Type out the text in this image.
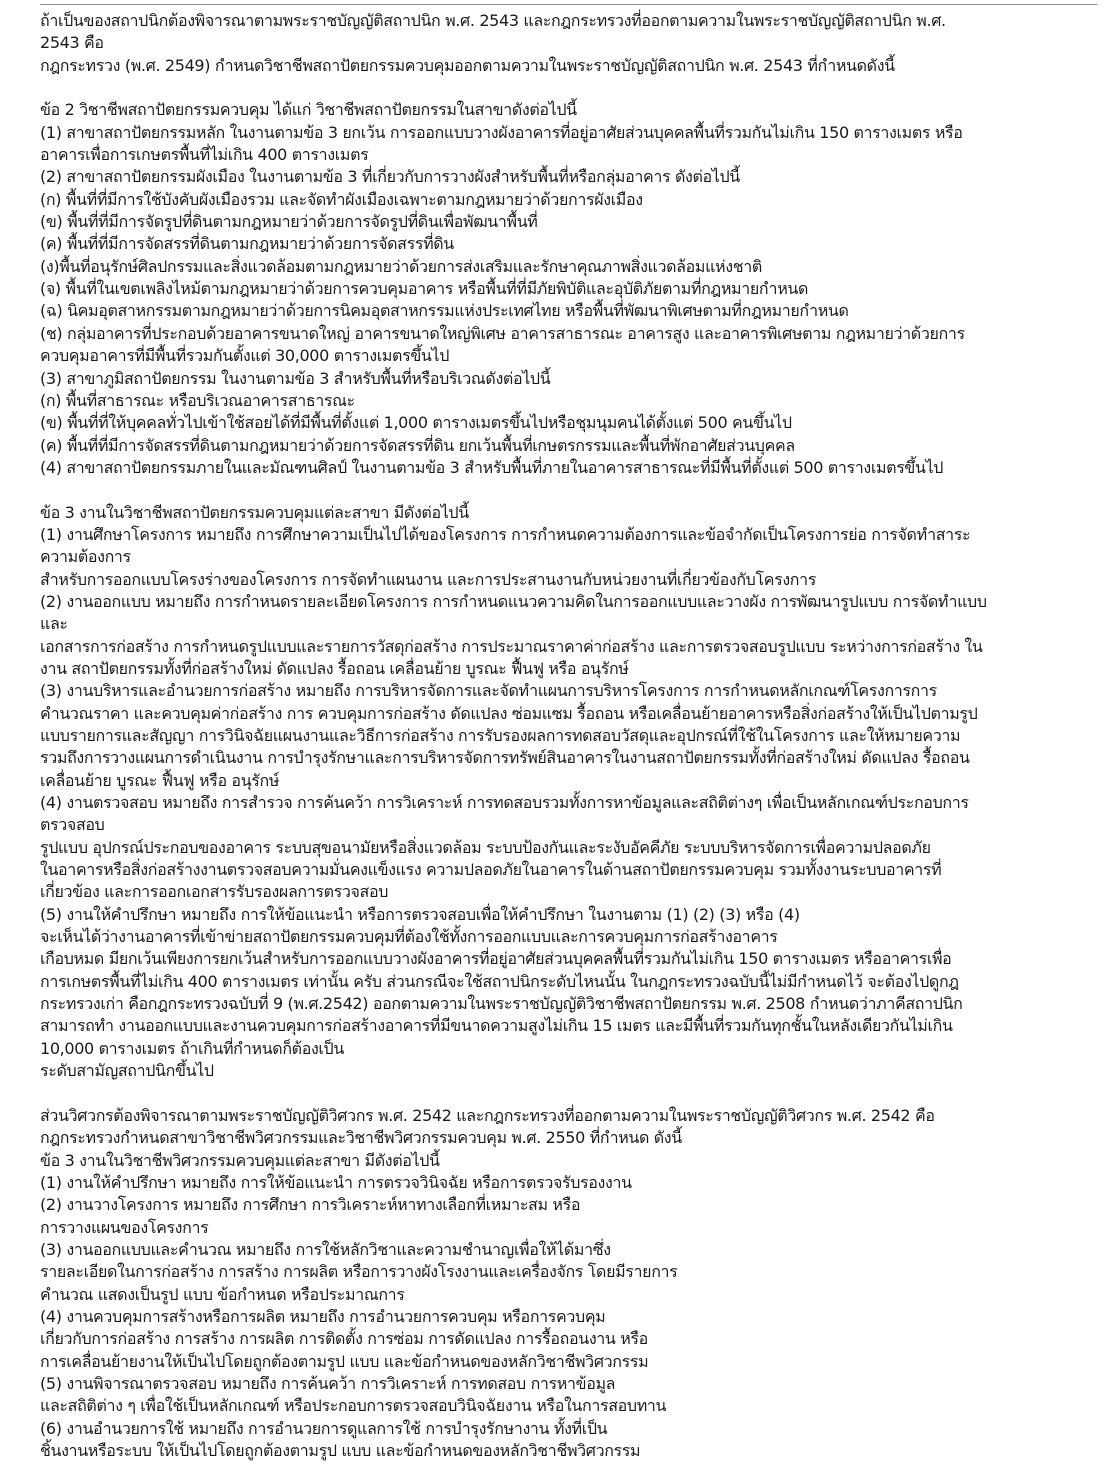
ถ้าเป็นของสถาปนิกต้องพิจารณาตามพระราชบัญญัติสถาปนิก พ.ศ. 2543 และกฎกระทรวงที่ออกตามความในพระราชบัญญัติสถาปนิก พ.ศ.
2543 คือ
กฎกระทรวง (พ.ศ. 2549) กำหนดวิชาชีพสถาปัตยกรรมควบคุมออกตามความในพระราชบัญญัติสถาปนิก พ.ศ. 2543 ที่กำหนดดังนี้
ข้อ 2 วิชาชีพสถาปัตยกรรมควบคุม ได้แก่ วิชาชีพสถาปัตยกรรมในสาขาดังต่อไปนี้
(1) สาขาสถาปัตยกรรมหลัก ในงานตามข้อ 3 ยกเว้น การออกแบบวางผังอาคารที่อยู่อาศัยส่วนบุคคลพื้นที่รวมกันไม่เกิน 150 ตารางเมตร หรือ
อาคารเพื่อการเกษตรพื้นที่ไม่เกิน 400 ตารางเมตร
(2) สาขาสถาปัตยกรรมผังเมือง ในงานตามข้อ 3 ที่เกี่ยวกับการวางผังสำหรับพื้นที่หรือกลุ่มอาคาร ดังต่อไปนี้
(ก) พื้นที่ที่มีการใช้บังคับผังเมืองรวม และจัดทำผังเมืองเฉพาะตามกฎหมายว่าด้วยการผังเมือง
(ข) พื้นที่ที่มีการจัดรูปที่ดินตามกฎหมายว่าด้วยการจัดรูปที่ดินเพื่อพัฒนาพื้นที่
(ค) พื้นที่ที่มีการจัดสรรที่ดินตามกฎหมายว่าด้วยการจัดสรรที่ดิน
(ง)พื้นที่อนุรักษ์ศิลปกรรมและสิ่งแวดล้อมตามกฎหมายว่าด้วยการส่งเสริมและรักษาคุณภาพสิ่งแวดล้อมแห่งชาติ
(จ) พื้นที่ในเขตเพลิงไหม้ตามกฎหมายว่าด้วยการควบคุมอาคาร หรือพื้นที่ที่มีภัยพิบัติและอุบัติภัยตามที่กฎหมายกำหนด
(ฉ) นิคมอุตสาหกรรมตามกฎหมายว่าด้วยการนิคมอุตสาหกรรมแห่งประเทศไทย หรือพื้นที่พัฒนาพิเศษตามที่กฎหมายกำหนด
(ช) กลุ่มอาคารที่ประกอบด้วยอาคารขนาดใหญ่ อาคารขนาดใหญ่พิเศษ อาคารสาธารณะ อาคารสูง และอาคารพิเศษตาม กฎหมายว่าด้วยการ
ควบคุมอาคารที่มีพื้นที่รวมกันตั้งแต่ 30,000 ตารางเมตรขึ้นไป
(3) สาขาภูมิสถาปัตยกรรม ในงานตามข้อ 3 สำหรับพื้นที่หรือบริเวณดังต่อไปนี้
(ก) พื้นที่สาธารณะ หรือบริเวณอาคารสาธารณะ
(ข) พื้นที่ที่ให้บุคคลทั่วไปเข้าใช้สอยได้ที่มีพื้นที่ตั้งแต่ 1,000 ตารางเมตรขึ้นไปหรือชุมนุมคนได้ตั้งแต่ 500 คนขึ้นไป
(ค) พื้นที่ที่มีการจัดสรรที่ดินตามกฎหมายว่าด้วยการจัดสรรที่ดิน ยกเว้นพื้นที่เกษตรกรรมและพื้นที่พักอาศัยส่วนบุคคล
(4) สาขาสถาปัตยกรรมภายในและมัณฑนศิลป์ ในงานตามข้อ 3 สำหรับพื้นที่ภายในอาคารสาธารณะที่มีพื้นที่ตั้งแต่ 500 ตารางเมตรขึ้นไป
ข้อ 3 งานในวิชาชีพสถาปัตยกรรมควบคุมแต่ละสาขา มีดังต่อไปนี้
(1) งานศึกษาโครงการ หมายถึง การศึกษาความเป็นไปได้ของโครงการ การกำหนดความต้องการและข้อจำกัดเป็นโครงการย่อ การจัดทำสาระ
ความต้องการ
สำหรับการออกแบบโครงร่างของโครงการ การจัดทำแผนงาน และการประสานงานกับหน่วยงานที่เกี่ยวข้องกับโครงการ
(2) งานออกแบบ หมายถึง การกำหนดรายละเอียดโครงการ การกำหนดแนวความคิดในการออกแบบและวางผัง การพัฒนารูปแบบ การจัดทำแบบ
และ
เอกสารการก่อสร้าง การกำหนดรูปแบบและรายการวัสดุก่อสร้าง การประมาณราคาค่าก่อสร้าง และการตรวจสอบรูปแบบ ระหว่างการก่อสร้าง ใน
งาน สถาปัตยกรรมทั้งที่ก่อสร้างใหม่ ดัดแปลง รื้อถอน เคลื่อนย้าย บูรณะ ฟื้นฟู หรือ อนุรักษ์
(3) งานบริหารและอำนวยการก่อสร้าง หมายถึง การบริหารจัดการและจัดทำแผนการบริหารโครงการ การกำหนดหลักเกณฑ์โครงการการ
คำนวณราคา และควบคุมค่าก่อสร้าง การ ควบคุมการก่อสร้าง ดัดแปลง ซ่อมแซม รื้อถอน หรือเคลื่อนย้ายอาคารหรือสิ่งก่อสร้างให้เป็นไปตามรูป
แบบรายการและสัญญา การวินิจฉัยแผนงานและวิธีการก่อสร้าง การรับรองผลการทดสอบวัสดุและอุปกรณ์ที่ใช้ในโครงการ และให้หมายความ
รวมถึงการวางแผนการดำเนินงาน การบำรุงรักษาและการบริหารจัดการทรัพย์สินอาคารในงานสถาปัตยกรรมทั้งที่ก่อสร้างใหม่ ดัดแปลง รื้อถอน
เคลื่อนย้าย บูรณะ ฟื้นฟู หรือ อนุรักษ์
(4) งานตรวจสอบ หมายถึง การสำรวจ การค้นคว้า การวิเคราะห์ การทดสอบรวมทั้งการหาข้อมูลและสถิติต่างๆ เพื่อเป็นหลักเกณฑ์ประกอบการ
ตรวจสอบ
รูปแบบ อุปกรณ์ประกอบของอาคาร ระบบสุขอนามัยหรือสิ่งแวดล้อม ระบบป้องกันและระงับอัคคีภัย ระบบบริหารจัดการเพื่อความปลอดภัย
ในอาคารหรือสิ่งก่อสร้างงานตรวจสอบความมั่นคงแข็งแรง ความปลอดภัยในอาคารในด้านสถาปัตยกรรมควบคุม รวมทั้งงานระบบอาคารที่
เกี่ยวข้อง และการออกเอกสารรับรองผลการตรวจสอบ
(5) งานให้คำปรึกษา หมายถึง การให้ข้อแนะนำ หรือการตรวจสอบเพื่อให้คำปรึกษา ในงานตาม (1) (2) (3) หรือ (4)
จะเห็นได้ว่างานอาคารที่เข้าข่ายสถาปัตยกรรมควบคุมที่ต้องใช้ทั้งการออกแบบและการควบคุมการก่อสร้างอาคาร
เกือบหมด มียกเว้นเพียงการยกเว้นสำหรับการออกแบบวางผังอาคารที่อยู่อาศัยส่วนบุคคลพื้นที่รวมกันไม่เกิน 150 ตารางเมตร หรืออาคารเพื่อ
การเกษตรพื้นที่ไม่เกิน 400 ตารางเมตร เท่านั้น ครับ ส่วนกรณีจะใช้สถาปนิกระดับไหนนั้น ในกฎกระทรวงฉบับนี้ไม่มีกำหนดไว้ จะต้องไปดูกฎ
กระทรวงเก่า คือกฎกระทรวงฉบับที่ 9 (พ.ศ.2542) ออกตามความในพระราชบัญญัติวิชาชีพสถาปัตยกรรม พ.ศ. 2508 กำหนดว่าภาคีสถาปนิก
สามารถทำ งานออกแบบและงานควบคุมการก่อสร้างอาคารที่มีขนาดความสูงไม่เกิน 15 เมตร และมีพื้นที่รวมกันทุกชั้นในหลังเดียวกันไม่เกิน
10,000 ตารางเมตร ถ้าเกินที่กำหนดก็ต้องเป็น
ระดับสามัญสถาปนิกขึ้นไป
ส่วนวิศวกรต้องพิจารณาตามพระราชบัญญัติวิศวกร พ.ศ. 2542 และกฎกระทรวงที่ออกตามความในพระราชบัญญัติวิศวกร พ.ศ. 2542 คือ
กฎกระทรวงกำหนดสาขาวิชาชีพวิศวกรรมและวิชาชีพวิศวกรรมควบคุม พ.ศ. 2550 ที่กำหนด ดังนี้
ข้อ 3 งานในวิชาชีพวิศวกรรมควบคุมแต่ละสาขา มีดังต่อไปนี้
(1) งานให้คำปรึกษา หมายถึง การให้ข้อแนะนำ การตรวจวินิจฉัย หรือการตรวจรับรองงาน
(2) งานวางโครงการ หมายถึง การศึกษา การวิเคราะห์หาทางเลือกที่เหมาะสม หรือ
การวางแผนของโครงการ
(3) งานออกแบบและคำนวณ หมายถึง การใช้หลักวิชาและความชำนาญเพื่อให้ได้มาซึ่ง
รายละเอียดในการก่อสร้าง การสร้าง การผลิต หรือการวางผังโรงงานและเครื่องจักร โดยมีรายการ
คำนวณ แสดงเป็นรูป แบบ ข้อกำหนด หรือประมาณการ
(4) งานควบคุมการสร้างหรือการผลิต หมายถึง การอำนวยการควบคุม หรือการควบคุม
เกี่ยวกับการก่อสร้าง การสร้าง การผลิต การติดตั้ง การซ่อม การดัดแปลง การรื้อถอนงาน หรือ
การเคลื่อนย้ายงานให้เป็นไปโดยถูกต้องตามรูป แบบ และข้อกำหนดของหลักวิชาชีพวิศวกรรม
(5) งานพิจารณาตรวจสอบ หมายถึง การค้นคว้า การวิเคราะห์ การทดสอบ การหาข้อมูล
และสถิติต่าง ๆ เพื่อใช้เป็นหลักเกณฑ์ หรือประกอบการตรวจสอบวินิจฉัยงาน หรือในการสอบทาน
(6) งานอำนวยการใช้ หมายถึง การอำนวยการดูแลการใช้ การบำรุงรักษางาน ทั้งที่เป็น
ชิ้นงานหรือระบบ ให้เป็นไปโดยถูกต้องตามรูป แบบ และข้อกำหนดของหลักวิชาชีพวิศวกรรม
